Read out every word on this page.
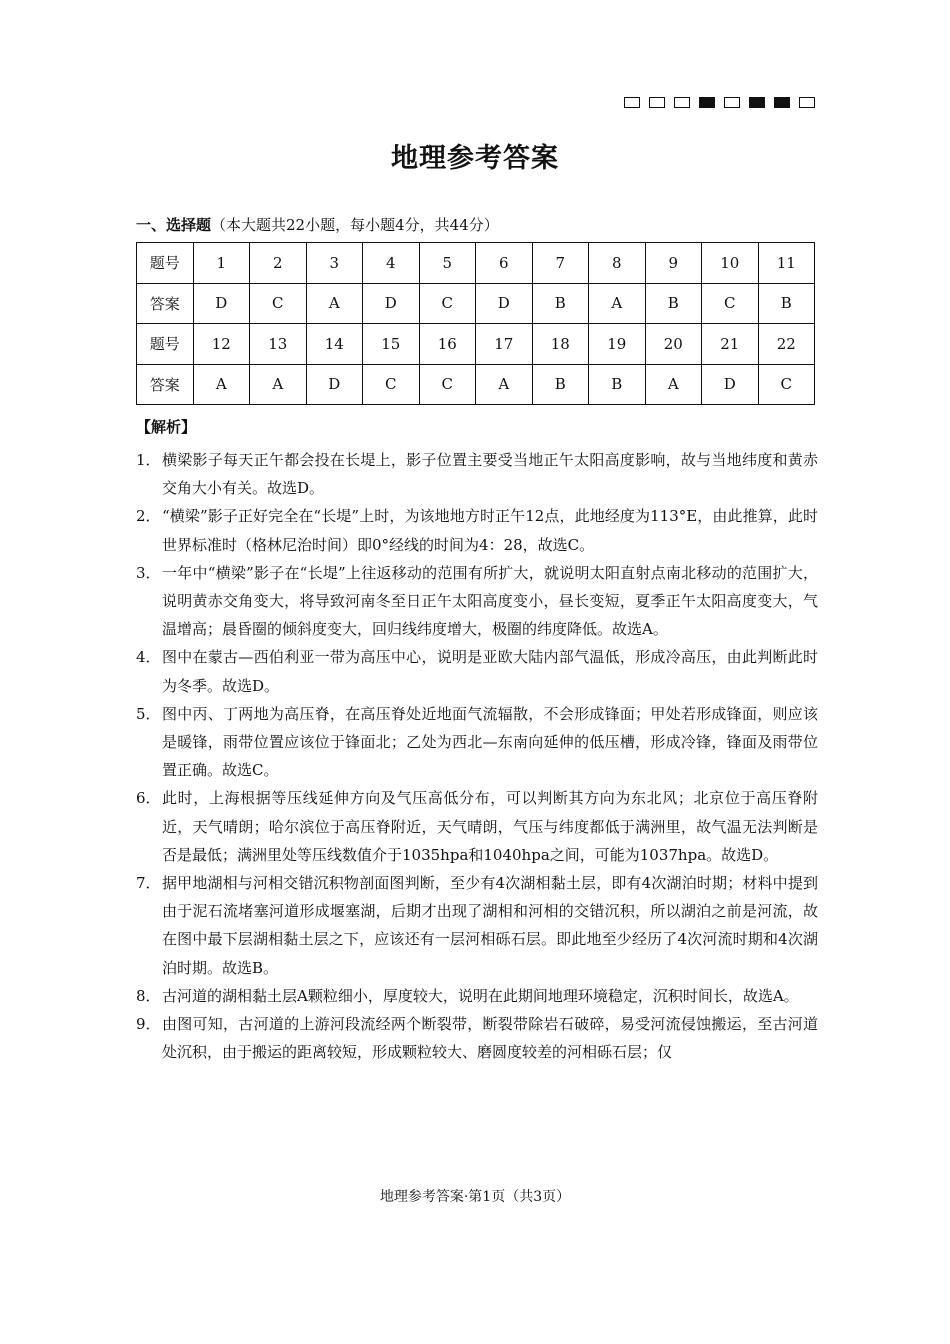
地理参考答案
一、选择题（本大题共22小题，每小题4分，共44分）
题号	1	2	3	4	5	6	7	8	9	10	11
答案	D	C	A	D	C	D	B	A	B	C	B
题号	12	13	14	15	16	17	18	19	20	21	22
答案	A	A	D	C	C	A	B	B	A	D	C
【解析】
1． 横梁影子每天正午都会投在长堤上，影子位置主要受当地正午太阳高度影响，故与当地纬度和黄赤交角大小有关。故选D。
2． “横梁”影子正好完全在“长堤”上时，为该地地方时正午12点，此地经度为113°E，由此推算，此时世界标准时（格林尼治时间）即0°经线的时间为4：28，故选C。
3． 一年中“横梁”影子在“长堤”上往返移动的范围有所扩大，就说明太阳直射点南北移动的范围扩大，说明黄赤交角变大，将导致河南冬至日正午太阳高度变小，昼长变短，夏季正午太阳高度变大，气温增高；晨昏圈的倾斜度变大，回归线纬度增大，极圈的纬度降低。故选A。
4． 图中在蒙古—西伯利亚一带为高压中心，说明是亚欧大陆内部气温低，形成冷高压，由此判断此时为冬季。故选D。
5． 图中丙、丁两地为高压脊，在高压脊处近地面气流辐散，不会形成锋面；甲处若形成锋面，则应该是暖锋，雨带位置应该位于锋面北；乙处为西北—东南向延伸的低压槽，形成冷锋，锋面及雨带位置正确。故选C。
6． 此时，上海根据等压线延伸方向及气压高低分布，可以判断其方向为东北风；北京位于高压脊附近，天气晴朗；哈尔滨位于高压脊附近，天气晴朗，气压与纬度都低于满洲里，故气温无法判断是否是最低；满洲里处等压线数值介于1035hpa和1040hpa之间，可能为1037hpa。故选D。
7． 据甲地湖相与河相交错沉积物剖面图判断，至少有4次湖相黏土层，即有4次湖泊时期；材料中提到由于泥石流堵塞河道形成堰塞湖，后期才出现了湖相和河相的交错沉积，所以湖泊之前是河流，故在图中最下层湖相黏土层之下，应该还有一层河相砾石层。即此地至少经历了4次河流时期和4次湖泊时期。故选B。
8． 古河道的湖相黏土层A颗粒细小，厚度较大，说明在此期间地理环境稳定，沉积时间长，故选A。
9． 由图可知，古河道的上游河段流经两个断裂带，断裂带除岩石破碎，易受河流侵蚀搬运，至古河道处沉积，由于搬运的距离较短，形成颗粒较大、磨圆度较差的河相砾石层；仅
地理参考答案·第1页（共3页）
